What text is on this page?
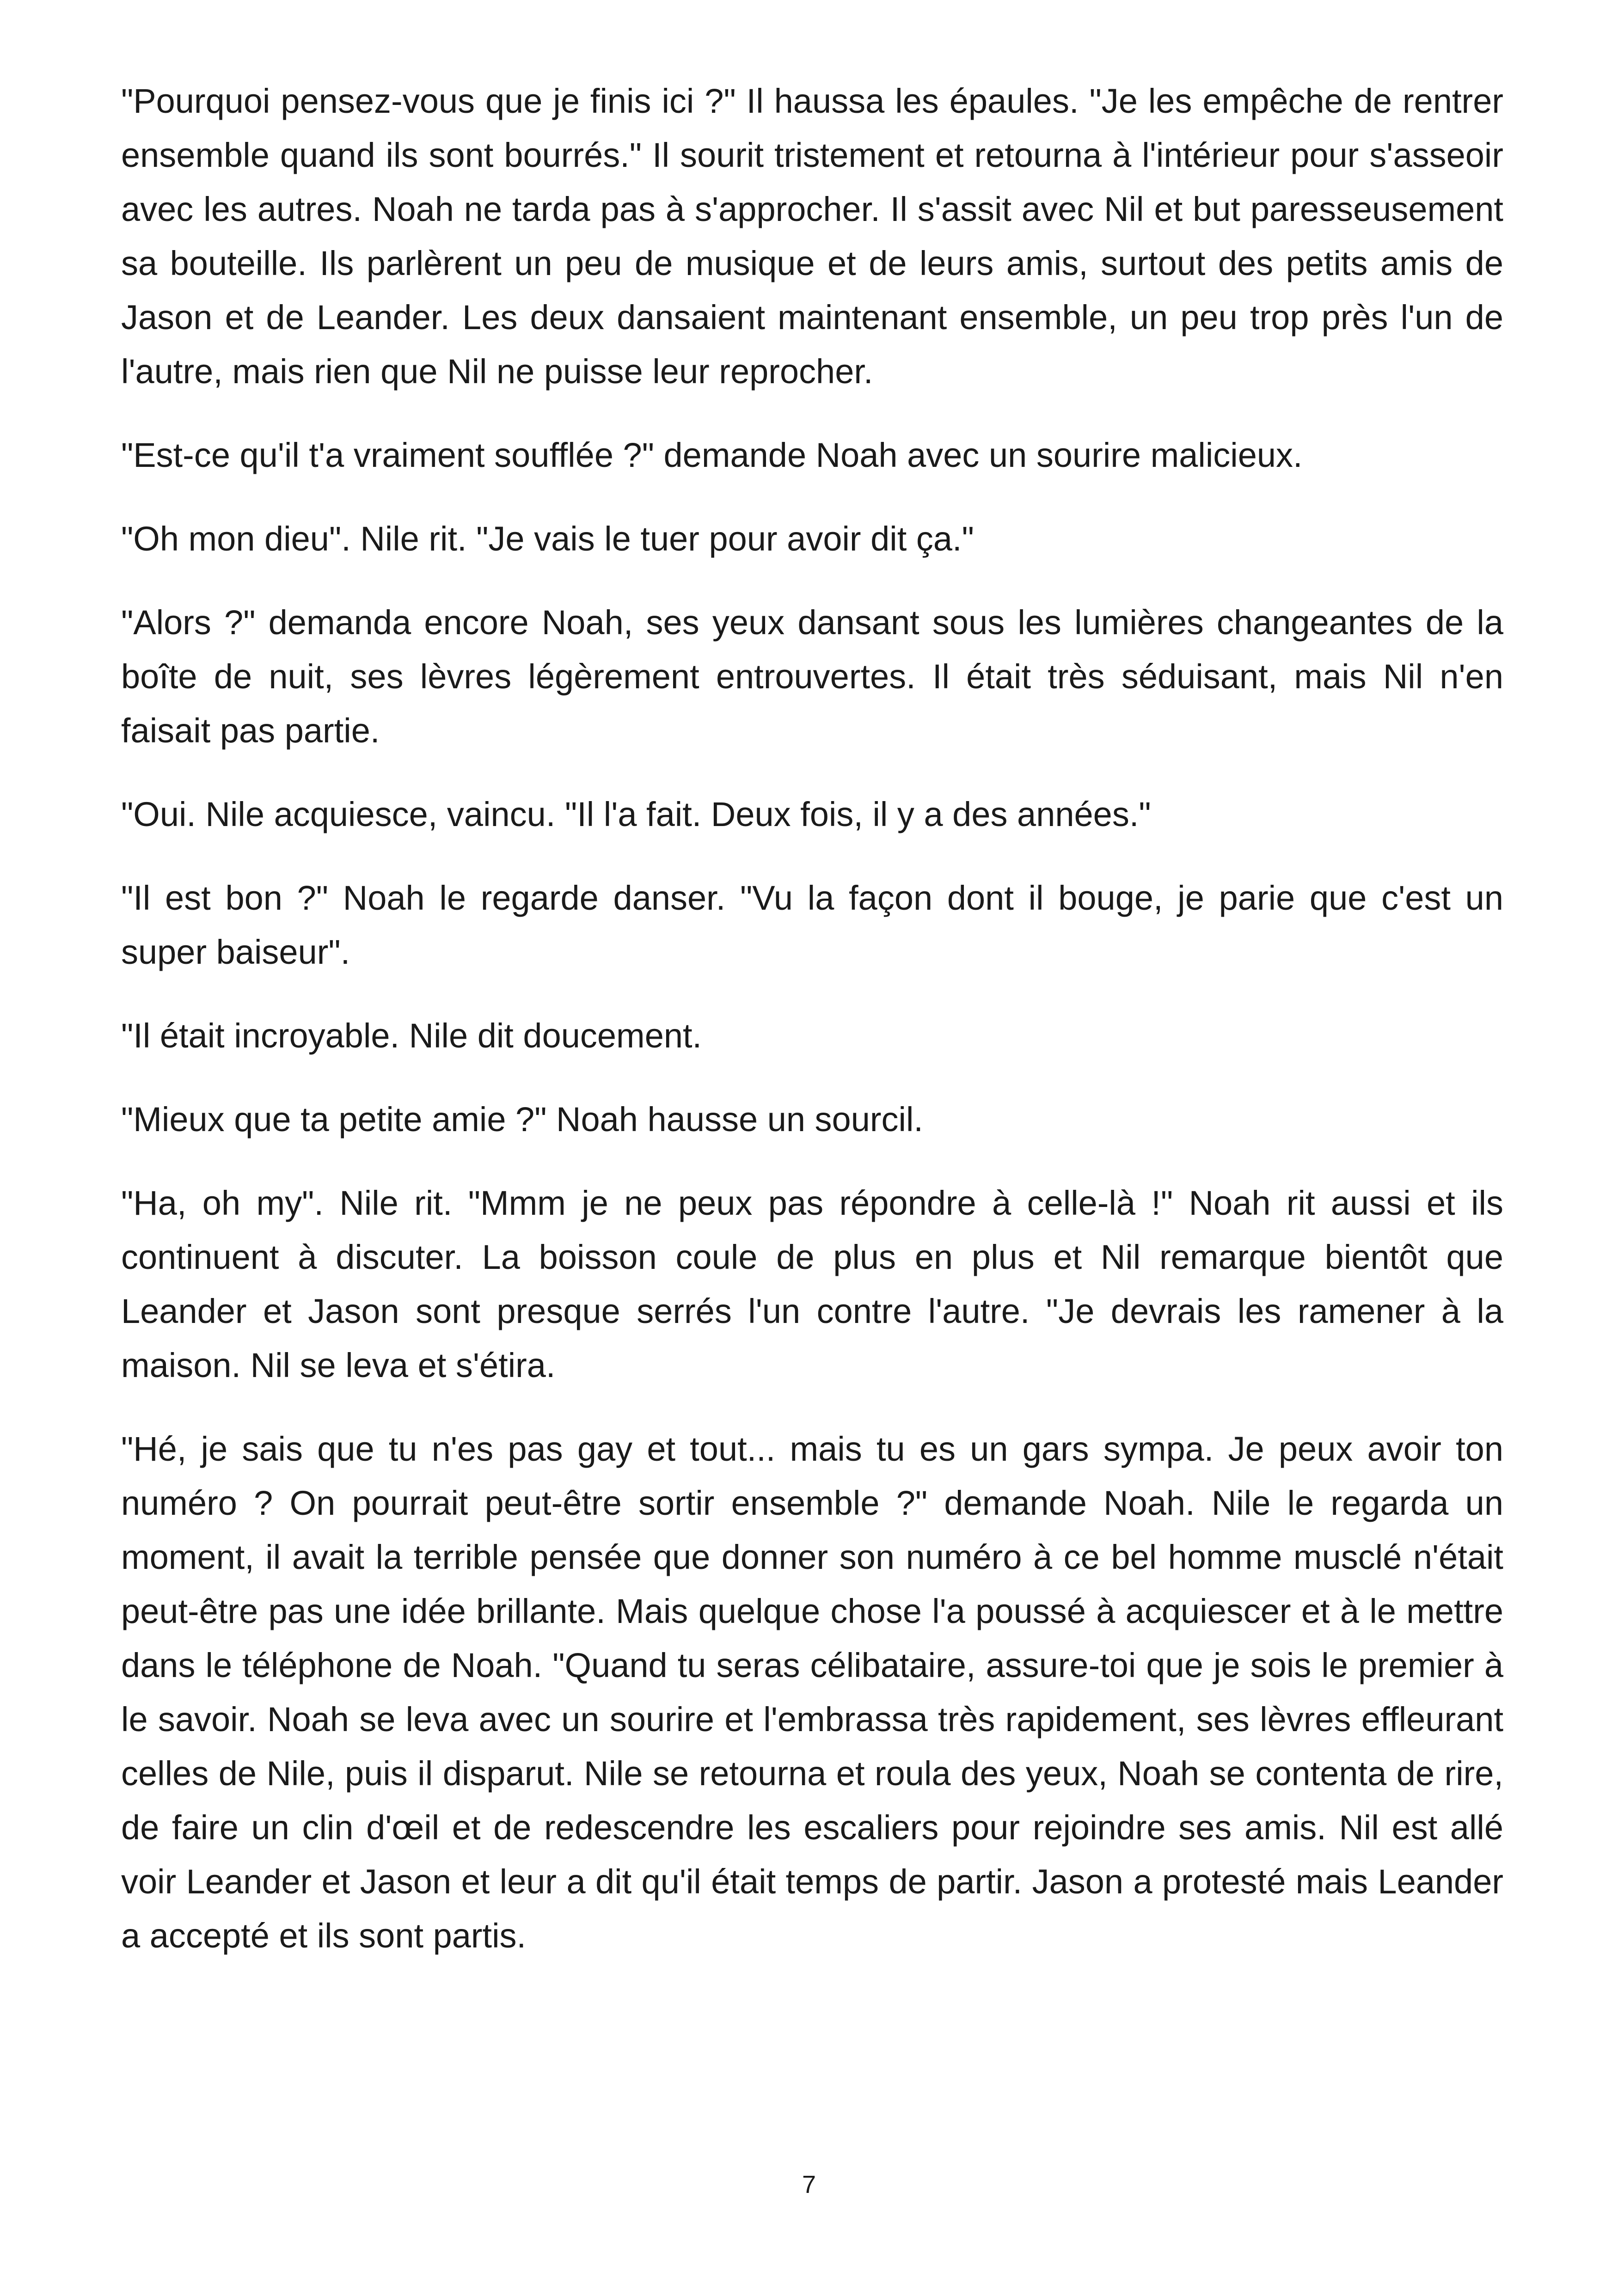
"Pourquoi pensez-vous que je finis ici ?" Il haussa les épaules. "Je les empêche de rentrer ensemble quand ils sont bourrés." Il sourit tristement et retourna à l'intérieur pour s'asseoir avec les autres. Noah ne tarda pas à s'approcher. Il s'assit avec Nil et but paresseusement sa bouteille. Ils parlèrent un peu de musique et de leurs amis, surtout des petits amis de Jason et de Leander. Les deux dansaient maintenant ensemble, un peu trop près l'un de l'autre, mais rien que Nil ne puisse leur reprocher.

"Est-ce qu'il t'a vraiment soufflée ?" demande Noah avec un sourire malicieux.

"Oh mon dieu". Nile rit. "Je vais le tuer pour avoir dit ça."

"Alors ?" demanda encore Noah, ses yeux dansant sous les lumières changeantes de la boîte de nuit, ses lèvres légèrement entrouvertes. Il était très séduisant, mais Nil n'en faisait pas partie.

"Oui. Nile acquiesce, vaincu. "Il l'a fait. Deux fois, il y a des années."

"Il est bon ?" Noah le regarde danser. "Vu la façon dont il bouge, je parie que c'est un super baiseur".

"Il était incroyable. Nile dit doucement.

"Mieux que ta petite amie ?" Noah hausse un sourcil.

"Ha, oh my". Nile rit. "Mmm je ne peux pas répondre à celle-là !" Noah rit aussi et ils continuent à discuter. La boisson coule de plus en plus et Nil remarque bientôt que Leander et Jason sont presque serrés l'un contre l'autre. "Je devrais les ramener à la maison. Nil se leva et s'étira.

"Hé, je sais que tu n'es pas gay et tout... mais tu es un gars sympa. Je peux avoir ton numéro ? On pourrait peut-être sortir ensemble ?" demande Noah. Nile le regarda un moment, il avait la terrible pensée que donner son numéro à ce bel homme musclé n'était peut-être pas une idée brillante. Mais quelque chose l'a poussé à acquiescer et à le mettre dans le téléphone de Noah. "Quand tu seras célibataire, assure-toi que je sois le premier à le savoir. Noah se leva avec un sourire et l'embrassa très rapidement, ses lèvres effleurant celles de Nile, puis il disparut. Nile se retourna et roula des yeux, Noah se contenta de rire, de faire un clin d'œil et de redescendre les escaliers pour rejoindre ses amis. Nil est allé voir Leander et Jason et leur a dit qu'il était temps de partir. Jason a protesté mais Leander a accepté et ils sont partis.

7
